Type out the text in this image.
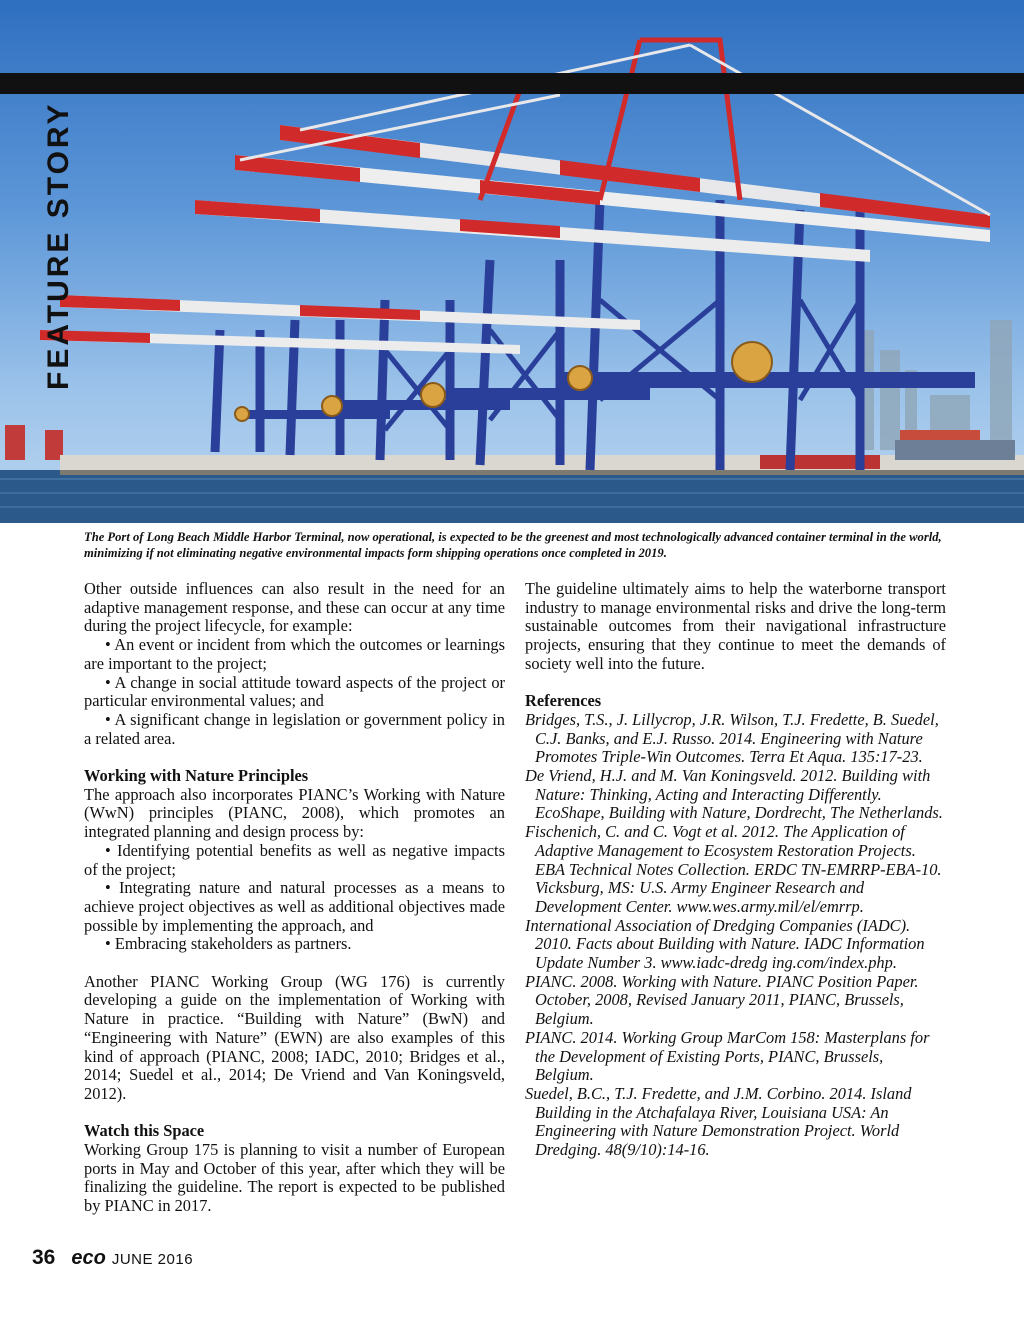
FEATURE STORY
The Port of Long Beach Middle Harbor Terminal, now operational, is expected to be the greenest and most technologically advanced container terminal in the world, minimizing if not eliminating negative environmental impacts form shipping operations once completed in 2019.

Other outside influences can also result in the need for an adaptive management response, and these can occur at any time during the project lifecycle, for example:

• An event or incident from which the outcomes or learnings are important to the project;

• A change in social attitude toward aspects of the project or particular environmental values; and

• A significant change in legislation or government policy in a related area.

Working with Nature Principles

The approach also incorporates PIANC’s Working with Nature (WwN) principles (PIANC, 2008), which promotes an integrated planning and design process by:

• Identifying potential benefits as well as negative impacts of the project;

• Integrating nature and natural processes as a means to achieve project objectives as well as additional objectives made possible by implementing the approach, and

• Embracing stakeholders as partners.

Another PIANC Working Group (WG 176) is currently developing a guide on the implementation of Working with Nature in practice. “Building with Nature” (BwN) and “Engineering with Nature” (EWN) are also examples of this kind of approach (PIANC, 2008; IADC, 2010; Bridges et al., 2014; Suedel et al., 2014; De Vriend and Van Koningsveld, 2012).

Watch this Space

Working Group 175 is planning to visit a number of European ports in May and October of this year, after which they will be finalizing the guideline. The report is expected to be published by PIANC in 2017.

The guideline ultimately aims to help the waterborne transport industry to manage environmental risks and drive the long-term sustainable outcomes from their navigational infrastructure projects, ensuring that they continue to meet the demands of society well into the future.

References

Bridges, T.S., J. Lillycrop, J.R. Wilson, T.J. Fredette, B. Suedel, C.J. Banks, and E.J. Russo. 2014. Engineering with Nature Promotes Triple-Win Outcomes. Terra Et Aqua. 135:17-23.

De Vriend, H.J. and M. Van Koningsveld. 2012. Building with Nature: Thinking, Acting and Interacting Differently. EcoShape, Building with Nature, Dordrecht, The Netherlands.

Fischenich, C. and C. Vogt et al. 2012. The Application of Adaptive Management to Ecosystem Restoration Projects. EBA Technical Notes Collection. ERDC TN-EMRRP-EBA-10. Vicksburg, MS: U.S. Army Engineer Research and Development Center. www.wes.army.mil/el/emrrp.

International Association of Dredging Companies (IADC). 2010. Facts about Building with Nature. IADC Information Update Number 3. www.iadc-dredg ing.com/index.php.

PIANC. 2008. Working with Nature. PIANC Position Paper. October, 2008, Revised January 2011, PIANC, Brussels, Belgium.

PIANC. 2014. Working Group MarCom 158: Masterplans for the Development of Existing Ports, PIANC, Brussels, Belgium.

Suedel, B.C., T.J. Fredette, and J.M. Corbino. 2014. Island Building in the Atchafalaya River, Louisiana USA: An Engineering with Nature Demonstration Project. World Dredging. 48(9/10):14-16.

36 eco JUNE 2016
